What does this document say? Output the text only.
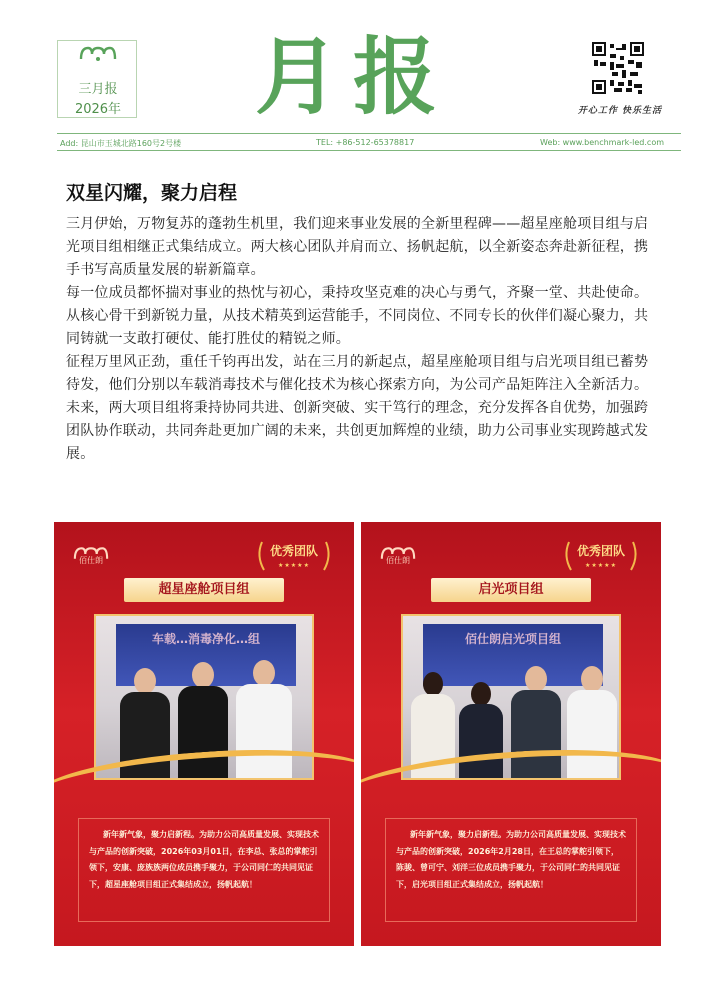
三月报
2026年 月报	开心工作 快乐生活
Add: 昆山市玉城北路160号2号楼	TEL: +86-512-65378817	Web: www.benchmark-led.com
双星闪耀，聚力启程

三月伊始，万物复苏的蓬勃生机里，我们迎来事业发展的全新里程碑——超星座舱项目组与启光项目组相继正式集结成立。两大核心团队并肩而立、扬帆起航，以全新姿态奔赴新征程，携手书写高质量发展的崭新篇章。

每一位成员都怀揣对事业的热忱与初心，秉持攻坚克难的决心与勇气，齐聚一堂、共赴使命。从核心骨干到新锐力量，从技术精英到运营能手，不同岗位、不同专长的伙伴们凝心聚力，共同铸就一支敢打硬仗、能打胜仗的精锐之师。

征程万里风正劲，重任千钧再出发，站在三月的新起点，超星座舱项目组与启光项目组已蓄势待发，他们分别以车载消毒技术与催化技术为核心探索方向，为公司产品矩阵注入全新活力。未来，两大项目组将秉持协同共进、创新突破、实干笃行的理念，充分发挥各自优势，加强跨团队协作联动，共同奔赴更加广阔的未来，共创更加辉煌的业绩，助力公司事业实现跨越式发展。

佰仕朗
优秀团队
★★★★★
超星座舱项目组
车载…消毒净化…组

新年新气象，聚力启新程。为助力公司高质量发展、实现技术与产品的创新突破，2026年03月01日，在李总、张总的掌舵引领下，安康、庞族族两位成员携手聚力，于公司同仁的共同见证下，超星座舱项目组正式集结成立，扬帆起航！

佰仕朗
优秀团队
★★★★★
启光项目组
佰仕朗启光项目组

新年新气象，聚力启新程。为助力公司高质量发展、实现技术与产品的创新突破，2026年2月28日，在王总的掌舵引领下，陈骏、曾可宁、刘洋三位成员携手聚力，于公司同仁的共同见证下，启光项目组正式集结成立，扬帆起航！
